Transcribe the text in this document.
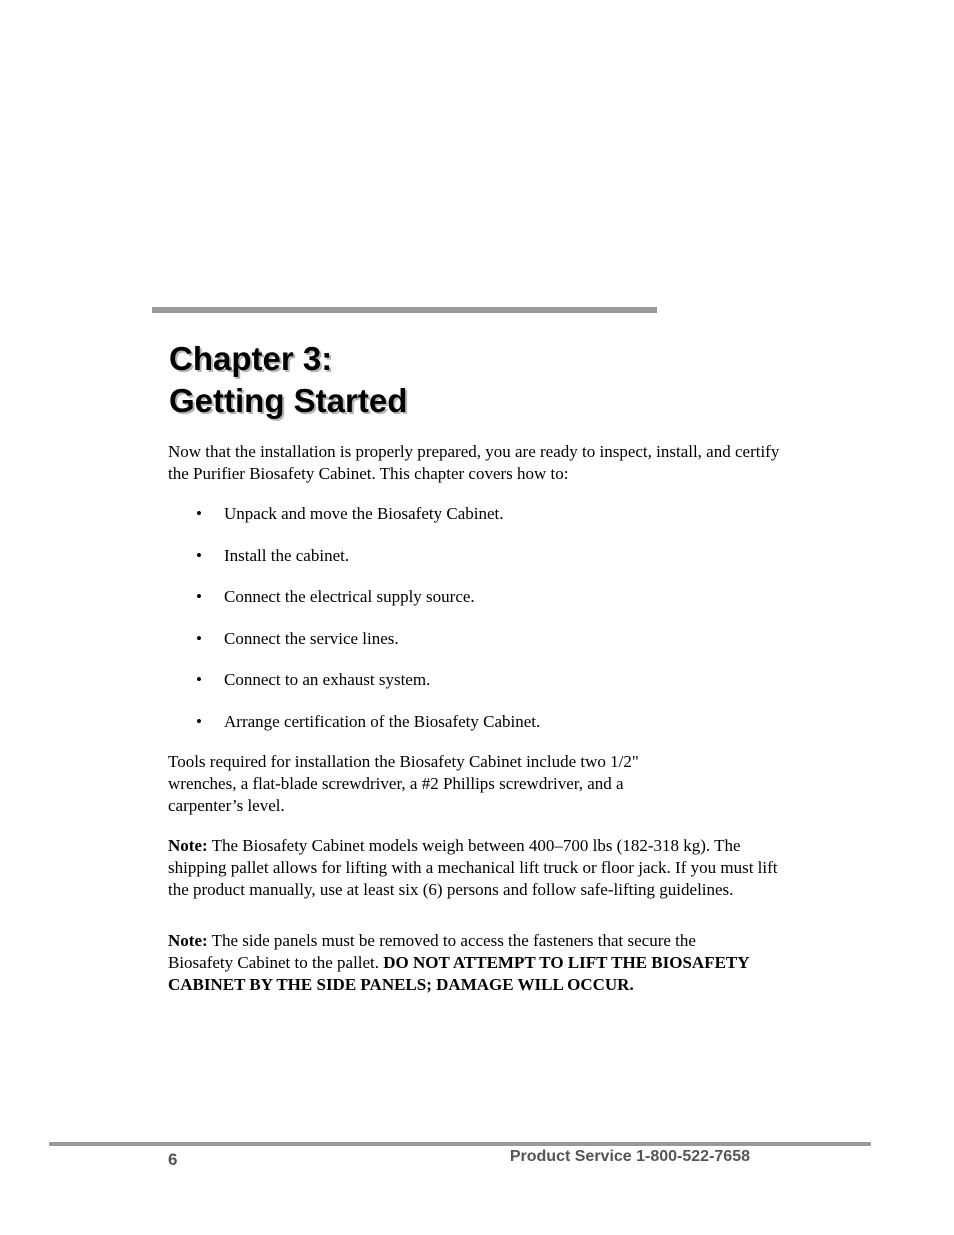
Chapter 3:
Getting Started

Now that the installation is properly prepared, you are ready to inspect, install, and certify the Purifier Biosafety Cabinet. This chapter covers how to:

• Unpack and move the Biosafety Cabinet.
• Install the cabinet.
• Connect the electrical supply source.
• Connect the service lines.
• Connect to an exhaust system.
• Arrange certification of the Biosafety Cabinet.

Tools required for installation the Biosafety Cabinet include two 1/2" wrenches, a flat-blade screwdriver, a #2 Phillips screwdriver, and a carpenter’s level.

Note: The Biosafety Cabinet models weigh between 400–700 lbs (182-318 kg). The shipping pallet allows for lifting with a mechanical lift truck or floor jack. If you must lift the product manually, use at least six (6) persons and follow safe-lifting guidelines.

Note: The side panels must be removed to access the fasteners that secure the Biosafety Cabinet to the pallet. DO NOT ATTEMPT TO LIFT THE BIOSAFETY CABINET BY THE SIDE PANELS; DAMAGE WILL OCCUR.

6	Product Service 1-800-522-7658
